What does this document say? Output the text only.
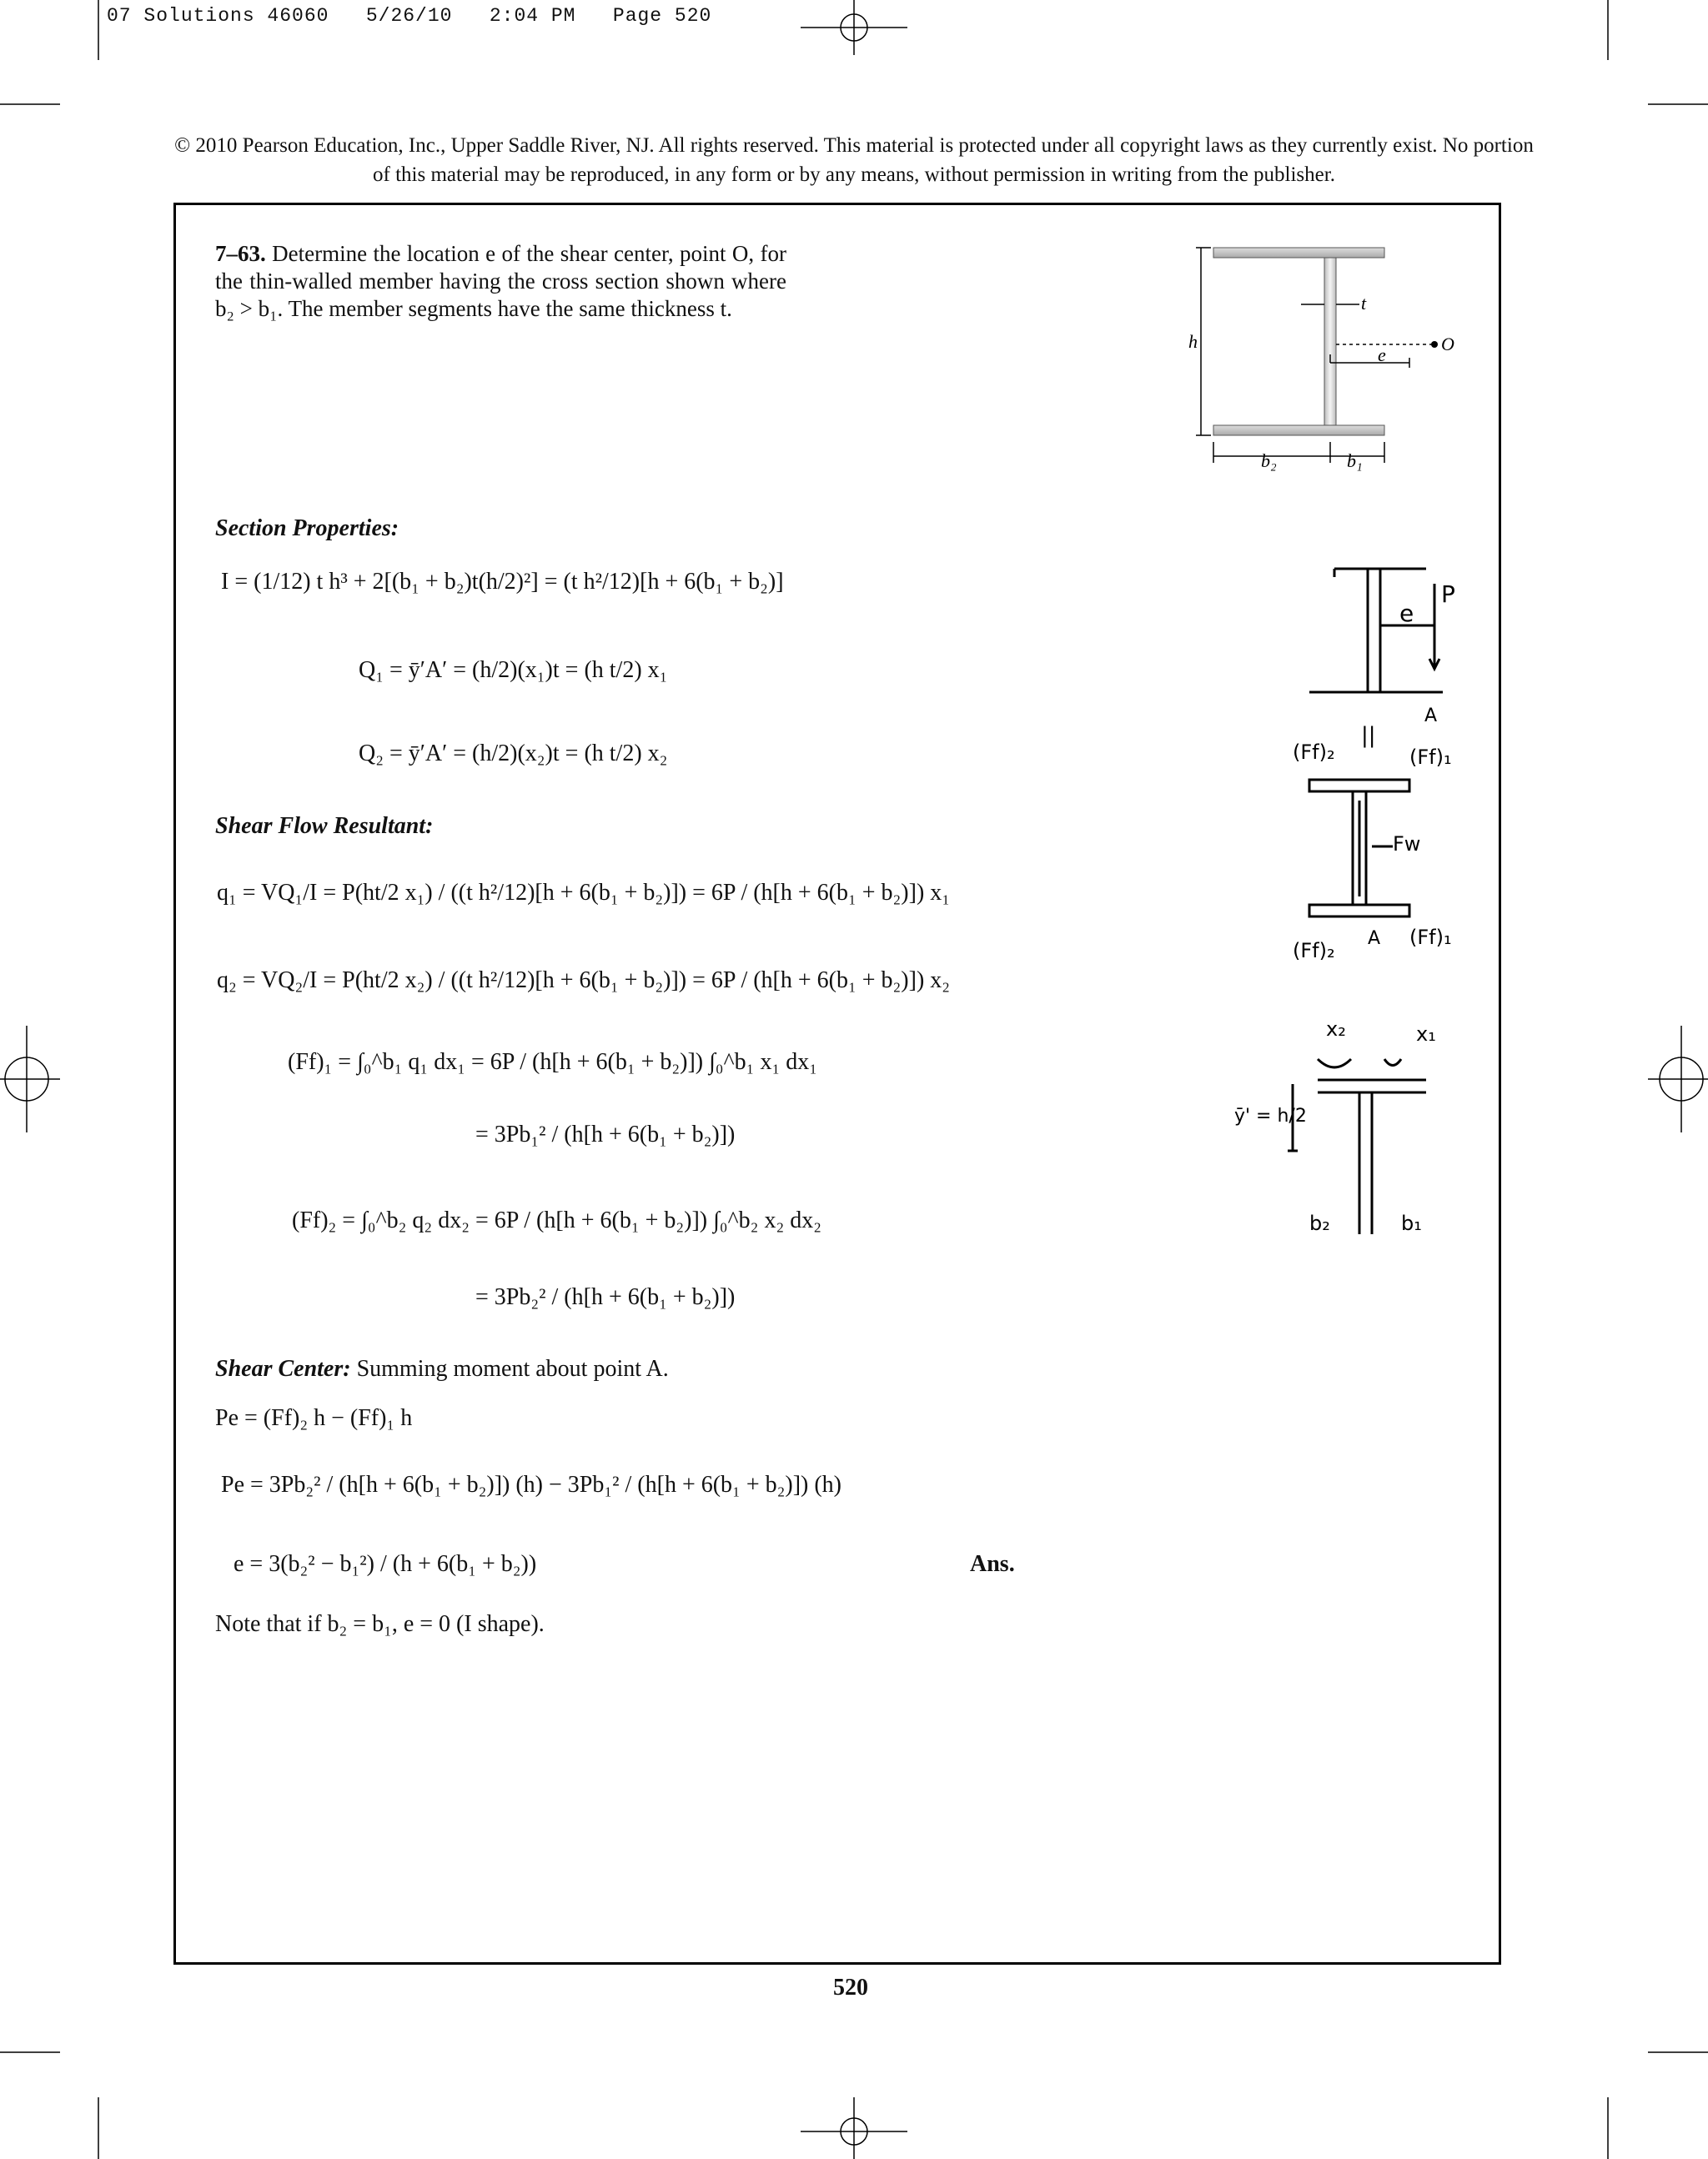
07 Solutions 46060   5/26/10   2:04 PM   Page 520
© 2010 Pearson Education, Inc., Upper Saddle River, NJ. All rights reserved. This material is protected under all copyright laws as they currently exist. No portion of this material may be reproduced, in any form or by any means, without permission in writing from the publisher.
7–63. Determine the location e of the shear center, point O, for the thin-walled member having the cross section shown where b₂ > b₁. The member segments have the same thickness t.	t
h	O
e
b₂	b₁
e
P
A
||
(Ff)₂	(Ff)₁
Fw
A
(Ff)₂
(Ff)₁
x₂	x₁
ȳ' = h/2
b₂	b₁
Section Properties:
I = (1/12) t h³ + 2[(b₁ + b₂)t(h/2)²] = (t h²/12)[h + 6(b₁ + b₂)]
Q₁ = ȳ′A′ = (h/2)(x₁)t = (h t/2) x₁
Q₂ = ȳ′A′ = (h/2)(x₂)t = (h t/2) x₂
Shear Flow Resultant:
q₁ = VQ₁/I = P(ht/2 x₁) / ((t h²/12)[h + 6(b₁ + b₂)]) = 6P / (h[h + 6(b₁ + b₂)]) x₁
q₂ = VQ₂/I = P(ht/2 x₂) / ((t h²/12)[h + 6(b₁ + b₂)]) = 6P / (h[h + 6(b₁ + b₂)]) x₂
(Ff)₁ = ∫₀^b₁ q₁ dx₁ = 6P / (h[h + 6(b₁ + b₂)]) ∫₀^b₁ x₁ dx₁
= 3Pb₁² / (h[h + 6(b₁ + b₂)])
(Ff)₂ = ∫₀^b₂ q₂ dx₂ = 6P / (h[h + 6(b₁ + b₂)]) ∫₀^b₂ x₂ dx₂
= 3Pb₂² / (h[h + 6(b₁ + b₂)])
Shear Center: Summing moment about point A.
Pe = (Ff)₂ h − (Ff)₁ h
Pe = 3Pb₂² / (h[h + 6(b₁ + b₂)]) (h) − 3Pb₁² / (h[h + 6(b₁ + b₂)]) (h)
e = 3(b₂² − b₁²) / (h + 6(b₁ + b₂))	Ans.
Note that if b₂ = b₁, e = 0 (I shape).
520
